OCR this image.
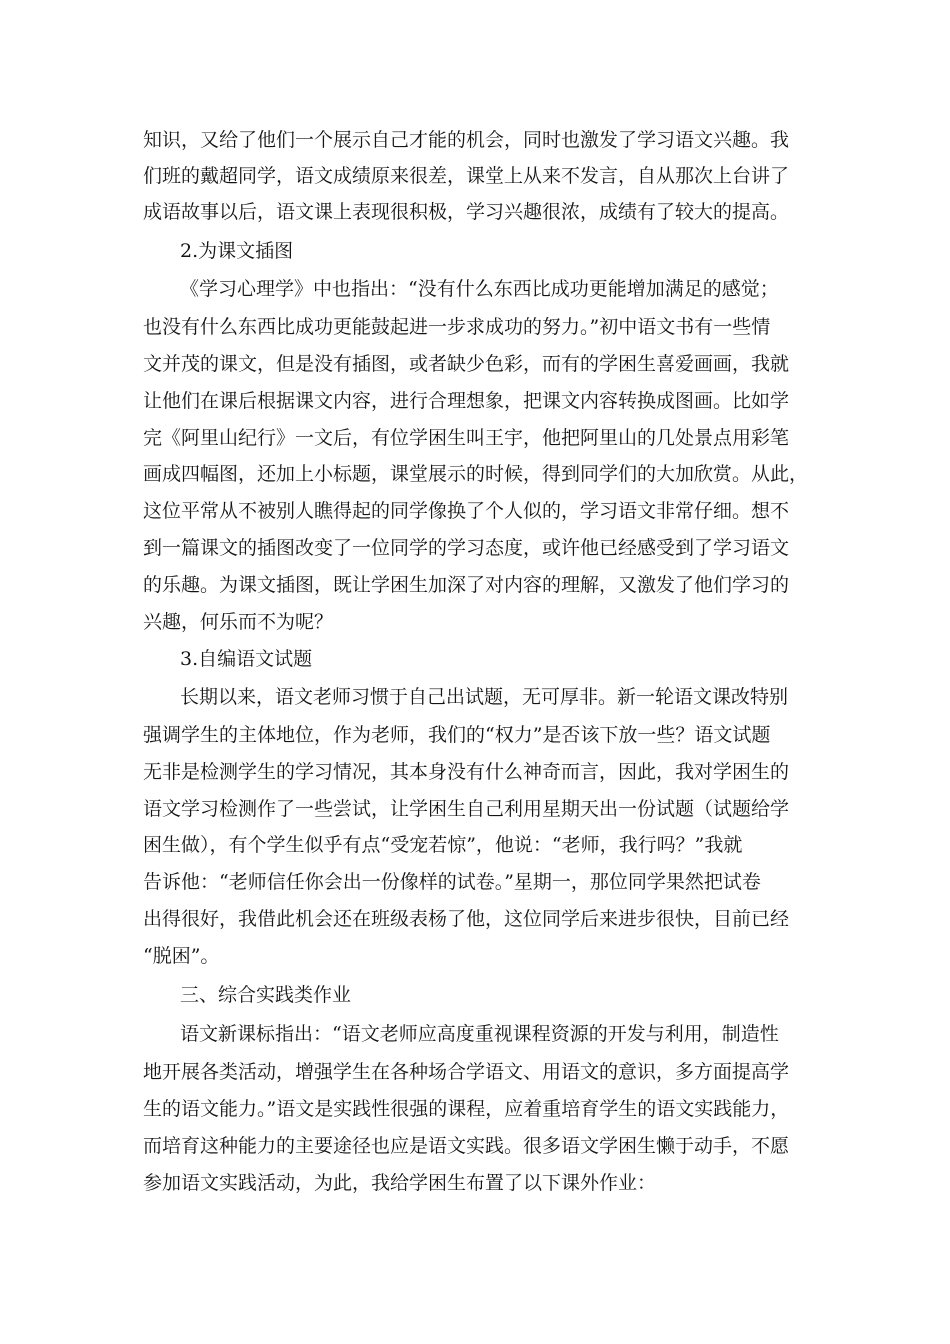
知识，又给了他们一个展示自己才能的机会，同时也激发了学习语文兴趣。我

们班的戴超同学，语文成绩原来很差，课堂上从来不发言，自从那次上台讲了

成语故事以后，语文课上表现很积极，学习兴趣很浓，成绩有了较大的提高。

2.为课文插图

《学习心理学》中也指出：“没有什么东西比成功更能增加满足的感觉；

也没有什么东西比成功更能鼓起进一步求成功的努力。”初中语文书有一些情

文并茂的课文，但是没有插图，或者缺少色彩，而有的学困生喜爱画画，我就

让他们在课后根据课文内容，进行合理想象，把课文内容转换成图画。比如学

完《阿里山纪行》一文后，有位学困生叫王宇，他把阿里山的几处景点用彩笔

画成四幅图，还加上小标题，课堂展示的时候，得到同学们的大加欣赏。从此，

这位平常从不被别人瞧得起的同学像换了个人似的，学习语文非常仔细。想不

到一篇课文的插图改变了一位同学的学习态度，或许他已经感受到了学习语文

的乐趣。为课文插图，既让学困生加深了对内容的理解，又激发了他们学习的

兴趣，何乐而不为呢？

3.自编语文试题

长期以来，语文老师习惯于自己出试题，无可厚非。新一轮语文课改特别

强调学生的主体地位，作为老师，我们的“权力”是否该下放一些？语文试题

无非是检测学生的学习情况，其本身没有什么神奇而言，因此，我对学困生的

语文学习检测作了一些尝试，让学困生自己利用星期天出一份试题（试题给学

困生做），有个学生似乎有点“受宠若惊”，他说：“老师，我行吗？”我就

告诉他：“老师信任你会出一份像样的试卷。”星期一，那位同学果然把试卷

出得很好，我借此机会还在班级表杨了他，这位同学后来进步很快，目前已经

“脱困”。

三、综合实践类作业

语文新课标指出：“语文老师应高度重视课程资源的开发与利用，制造性

地开展各类活动，增强学生在各种场合学语文、用语文的意识，多方面提高学

生的语文能力。”语文是实践性很强的课程，应着重培育学生的语文实践能力，

而培育这种能力的主要途径也应是语文实践。很多语文学困生懒于动手，不愿

参加语文实践活动，为此，我给学困生布置了以下课外作业：
